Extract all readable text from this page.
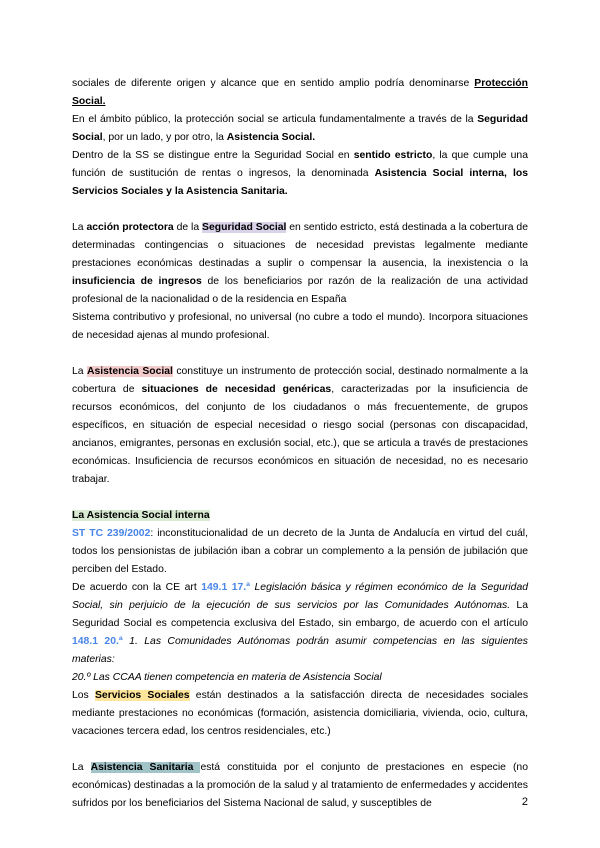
sociales de diferente origen y alcance que en sentido amplio podría denominarse Protección Social.

En el ámbito público, la protección social se articula fundamentalmente a través de la Seguridad Social, por un lado, y por otro, la Asistencia Social.

Dentro de la SS se distingue entre la Seguridad Social en sentido estricto, la que cumple una función de sustitución de rentas o ingresos, la denominada Asistencia Social interna, los Servicios Sociales y la Asistencia Sanitaria.

La acción protectora de la Seguridad Social en sentido estricto, está destinada a la cobertura de determinadas contingencias o situaciones de necesidad previstas legalmente mediante prestaciones económicas destinadas a suplir o compensar la ausencia, la inexistencia o la insuficiencia de ingresos de los beneficiarios por razón de la realización de una actividad profesional de la nacionalidad o de la residencia en España

Sistema contributivo y profesional, no universal (no cubre a todo el mundo). Incorpora situaciones de necesidad ajenas al mundo profesional.

La Asistencia Social constituye un instrumento de protección social, destinado normalmente a la cobertura de situaciones de necesidad genéricas, caracterizadas por la insuficiencia de recursos económicos, del conjunto de los ciudadanos o más frecuentemente, de grupos específicos, en situación de especial necesidad o riesgo social (personas con discapacidad, ancianos, emigrantes, personas en exclusión social, etc.), que se articula a través de prestaciones económicas. Insuficiencia de recursos económicos en situación de necesidad, no es necesario trabajar.

La Asistencia Social interna

ST TC 239/2002: inconstitucionalidad de un decreto de la Junta de Andalucía en virtud del cuál, todos los pensionistas de jubilación iban a cobrar un complemento a la pensión de jubilación que perciben del Estado.

De acuerdo con la CE art 149.1 17.ª Legislación básica y régimen económico de la Seguridad Social, sin perjuicio de la ejecución de sus servicios por las Comunidades Autónomas. La Seguridad Social es competencia exclusiva del Estado, sin embargo, de acuerdo con el artículo 148.1 20.ª 1. Las Comunidades Autónomas podrán asumir competencias en las siguientes materias:

20.º Las CCAA tienen competencia en materia de Asistencia Social

Los Servicios Sociales están destinados a la satisfacción directa de necesidades sociales mediante prestaciones no económicas (formación, asistencia domiciliaria, vivienda, ocio, cultura, vacaciones tercera edad, los centros residenciales, etc.)

La Asistencia Sanitaria está constituida por el conjunto de prestaciones en especie (no económicas) destinadas a la promoción de la salud y al tratamiento de enfermedades y accidentes sufridos por los beneficiarios del Sistema Nacional de salud, y susceptibles de	2
